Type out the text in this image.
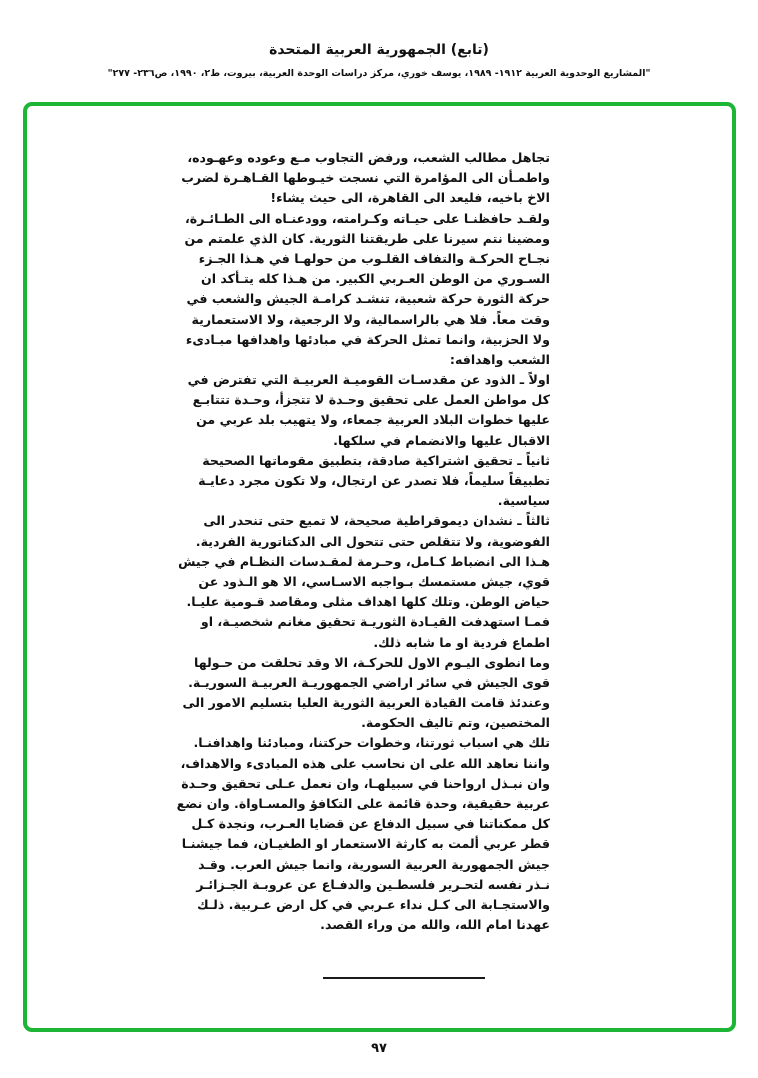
(تابع) الجمهورية العربية المتحدة
"المشاريع الوحدوية العربية ١٩١٢- ١٩٨٩، يوسف خوري، مركز دراسات الوحدة العربية، بيروت، ط٢، ١٩٩٠، ص٢٣٦- ٢٧٧"
تجاهل مطالب الشعب، ورفض التجاوب مـع وعوده وعهـوده،
واطمـأن الى المؤامرة التي نسجت خيـوطها القـاهـرة لضرب
الاخ باخيه، فليعد الى القاهرة، الى حيث يشاء!
ولقـد حافظنـا على حيـاته وكـرامته، وودعنـاه الى الطـائـرة،
ومضينا نتم سيرنا على طريقتنا الثورية. كان الذي علمتم من
نجـاح الحركـة والتفاف القلـوب من حولهـا في هـذا الجـزء
السـوري من الوطن العـربي الكبير. من هـذا كله يتـأكد ان
حركة الثورة حركة شعبية، تنشـد كرامـة الجيش والشعب في
وقت معاً. فلا هي بالراسمالية، ولا الرجعية، ولا الاستعمارية
ولا الحزبية، وانما تمثل الحركة في مبادئها واهدافها مبـادىء
الشعب واهدافه:
اولاً ـ الذود عن مقدسـات القوميـة العربيـة التي تفترض في
كل مواطن العمل على تحقيق وحـدة لا تتجزأ، وحـدة تتتابـع
عليها خطوات البلاد العربية جمعاء، ولا يتهيب بلد عربي من
الاقبال عليها والانضمام في سلكها.
ثانياً ـ تحقيق اشتراكية صادقة، بتطبيق مقوماتها الصحيحة
تطبيقاً سليماً، فلا تصدر عن ارتجال، ولا تكون مجرد دعايـة
سياسية.
ثالثاً ـ نشدان ديموقراطية صحيحة، لا تميع حتى تنحدر الى
الفوضوية، ولا تتقلص حتى تتحول الى الدكتاتورية الفردية.
هـذا الى انضباط كـامل، وحـرمة لمقـدسات النظـام في جيش
قوي، جيش مستمسك بـواجبه الاسـاسي، الا هو الـذود عن
حياض الوطن. وتلك كلها اهداف مثلى ومقاصد قـومية عليـا.
فمـا استهدفت القيـادة الثوريـة تحقيق مغانم شخصيـة، او
اطماع فردية او ما شابه ذلك.
وما انطوى اليـوم الاول للحركـة، الا وقد تحلقت من حـولها
قوى الجيش في سائر اراضي الجمهوريـة العربيـة السوريـة.
وعندئذ قامت القيادة العربية الثورية العليا بتسليم الامور الى
المختصين، وتم تاليف الحكومة.
تلك هي اسباب ثورتنا، وخطوات حركتنا، ومبادئنا واهدافنـا.
واننا نعاهد الله على ان نحاسب على هذه المبادىء والاهداف،
وان نبـذل ارواحنا في سبيلهـا، وان نعمل عـلى تحقيق وحـدة
عربية حقيقية، وحدة قائمة على التكافؤ والمسـاواة. وان نضع
كل ممكناتنا في سبيل الدفاع عن قضايا العـرب، ونجدة كـل
قطر عربي ألمت به كارثة الاستعمار او الطغيـان، فما جيشنـا
جيش الجمهورية العربية السورية، وانما جيش العرب. وقـد
نـذر نفسه لتحـرير فلسطـين والدفـاع عن عروبـة الجـزائـر
والاستجـابة الى كـل نداء عـربي في كل ارض عـربية. ذلـك
عهدنا امام الله، والله من وراء القصد.
٩٧
